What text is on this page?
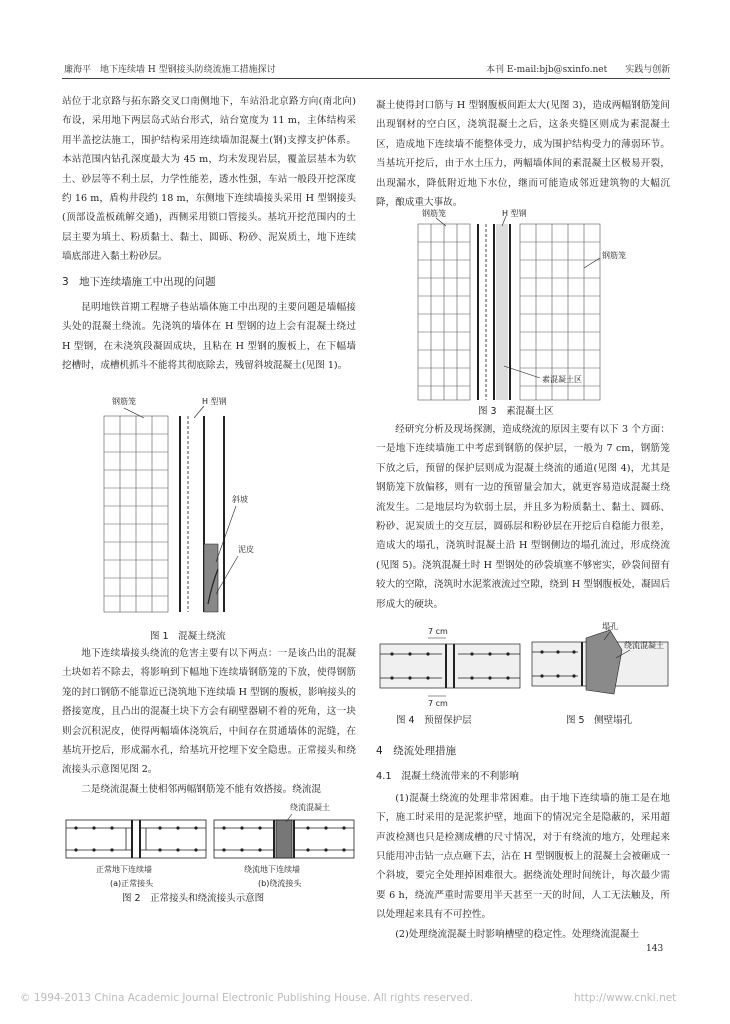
廉海平　地下连续墙 H 型钢接头防绕流施工措施探讨	本刊 E-mail:bjb@sxinfo.net　　实践与创新

站位于北京路与拓东路交叉口南侧地下，车站沿北京路方向(南北向)布设，采用地下两层岛式站台形式，站台宽度为 11 m，主体结构采用半盖挖法施工，围护结构采用连续墙加混凝土(钢)支撑支护体系。本站范围内钻孔深度最大为 45 m，均未发现岩层，覆盖层基本为软土、砂层等不利土层，力学性能差，透水性强，车站一般段开挖深度约 16 m，盾构井段约 18 m，东侧地下连续墙接头采用 H 型钢接头(顶部设盖板疏解交通)，西侧采用锁口管接头。基坑开挖范围内的土层主要为填土、粉质黏土、黏土、圆砾、粉砂、泥炭质土，地下连续墙底部进入黏土粉砂层。

3　地下连续墙施工中出现的问题

昆明地铁首期工程塘子巷站墙体施工中出现的主要问题是墙幅接头处的混凝土绕流。先浇筑的墙体在 H 型钢的边上会有混凝土绕过 H 型钢，在未浇筑段凝固成块，且粘在 H 型钢的腹板上，在下幅墙挖槽时，成槽机抓斗不能将其彻底除去，残留斜坡混凝土(见图 1)。

钢筋笼	H 型钢
斜坡
泥皮
图 1　混凝土绕流

地下连续墙接头绕流的危害主要有以下两点：一是该凸出的混凝土块如若不除去，将影响到下幅地下连续墙钢筋笼的下放，使得钢筋笼的封口钢筋不能靠近已浇筑地下连续墙 H 型钢的腹板，影响接头的搭接宽度，且凸出的混凝土块下方会有刷壁器刷不着的死角，这一块则会沉积泥皮，使得两幅墙体浇筑后，中间存在贯通墙体的泥缝，在基坑开挖后，形成漏水孔，给基坑开挖埋下安全隐患。正常接头和绕流接头示意图见图 2。

二是绕流混凝土使相邻两幅钢筋笼不能有效搭接。绕流混

绕流混凝土
正常地下连续墙
(a)正常接头
绕流地下连续墙
(b)绕流接头
图 2　正常接头和绕流接头示意图

凝土使得封口筋与 H 型钢腹板间距太大(见图 3)，造成两幅钢筋笼间出现钢材的空白区，浇筑混凝土之后，这条夹缝区则成为素混凝土区，造成地下连续墙不能整体受力，成为围护结构受力的薄弱环节。当基坑开挖后，由于水土压力，两幅墙体间的素混凝土区极易开裂，出现漏水，降低附近地下水位，继而可能造成邻近建筑物的大幅沉降，酿成重大事故。

钢筋笼	H 型钢
钢筋笼
素混凝土区
图 3　素混凝土区

经研究分析及现场探测，造成绕流的原因主要有以下 3 个方面：一是地下连续墙施工中考虑到钢筋的保护层，一般为 7 cm，钢筋笼下放之后，预留的保护层则成为混凝土绕流的通道(见图 4)，尤其是钢筋笼下放偏移，则有一边的预留量会加大，就更容易造成混凝土绕流发生。二是地层均为软弱土层，并且多为粉质黏土、黏土、圆砾、粉砂、泥炭质土的交互层，圆砾层和粉砂层在开挖后自稳能力很差，造成大的塌孔，浇筑时混凝土沿 H 型钢侧边的塌孔流过，形成绕流(见图 5)。浇筑混凝土时 H 型钢处的砂袋填塞不够密实，砂袋间留有较大的空隙，浇筑时水泥浆液流过空隙，绕到 H 型钢腹板处，凝固后形成大的硬块。

7 cm
7 cm
图 4　预留保护层
塌孔
绕流混凝土
图 5　侧壁塌孔
4　绕流处理措施
4.1　混凝土绕流带来的不利影响

(1)混凝土绕流的处理非常困难。由于地下连续墙的施工是在地下，施工时采用的是泥浆护壁，地面下的情况完全是隐蔽的，采用超声波检测也只是检测成槽的尺寸情况，对于有绕流的地方，处理起来只能用冲击钻一点点砸下去，沾在 H 型钢腹板上的混凝土会被砸成一个斜坡，要完全处理掉困难很大。据绕流处理时间统计，每次最少需要 6 h，绕流严重时需要用半天甚至一天的时间，人工无法触及，所以处理起来具有不可控性。

(2)处理绕流混凝土时影响槽壁的稳定性。处理绕流混凝土

143
© 1994-2013 China Academic Journal Electronic Publishing House. All rights reserved.	http://www.cnki.net
